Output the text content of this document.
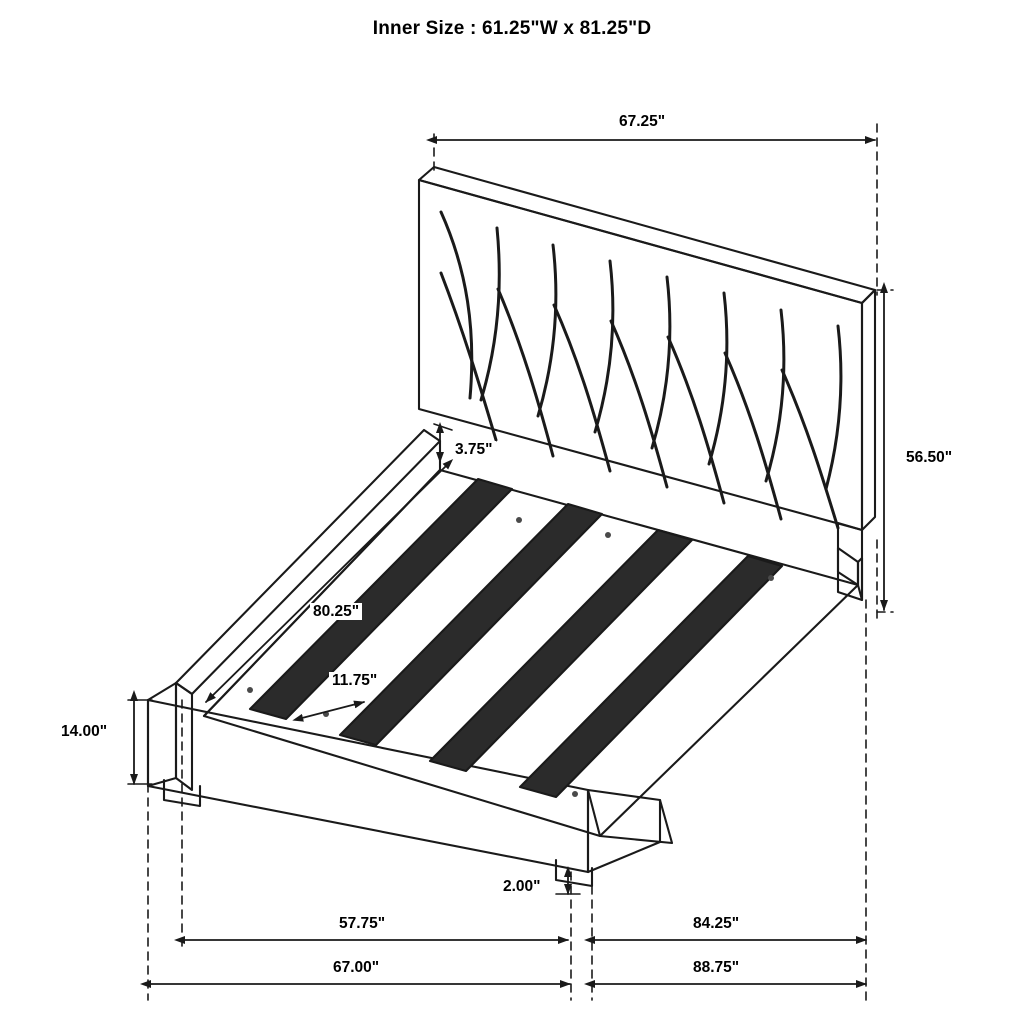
Inner Size : 61.25"W x 81.25"D
67.25"
56.50"
3.75"
80.25"
11.75"
14.00"
2.00"
57.75"	84.25"
67.00"	88.75"
